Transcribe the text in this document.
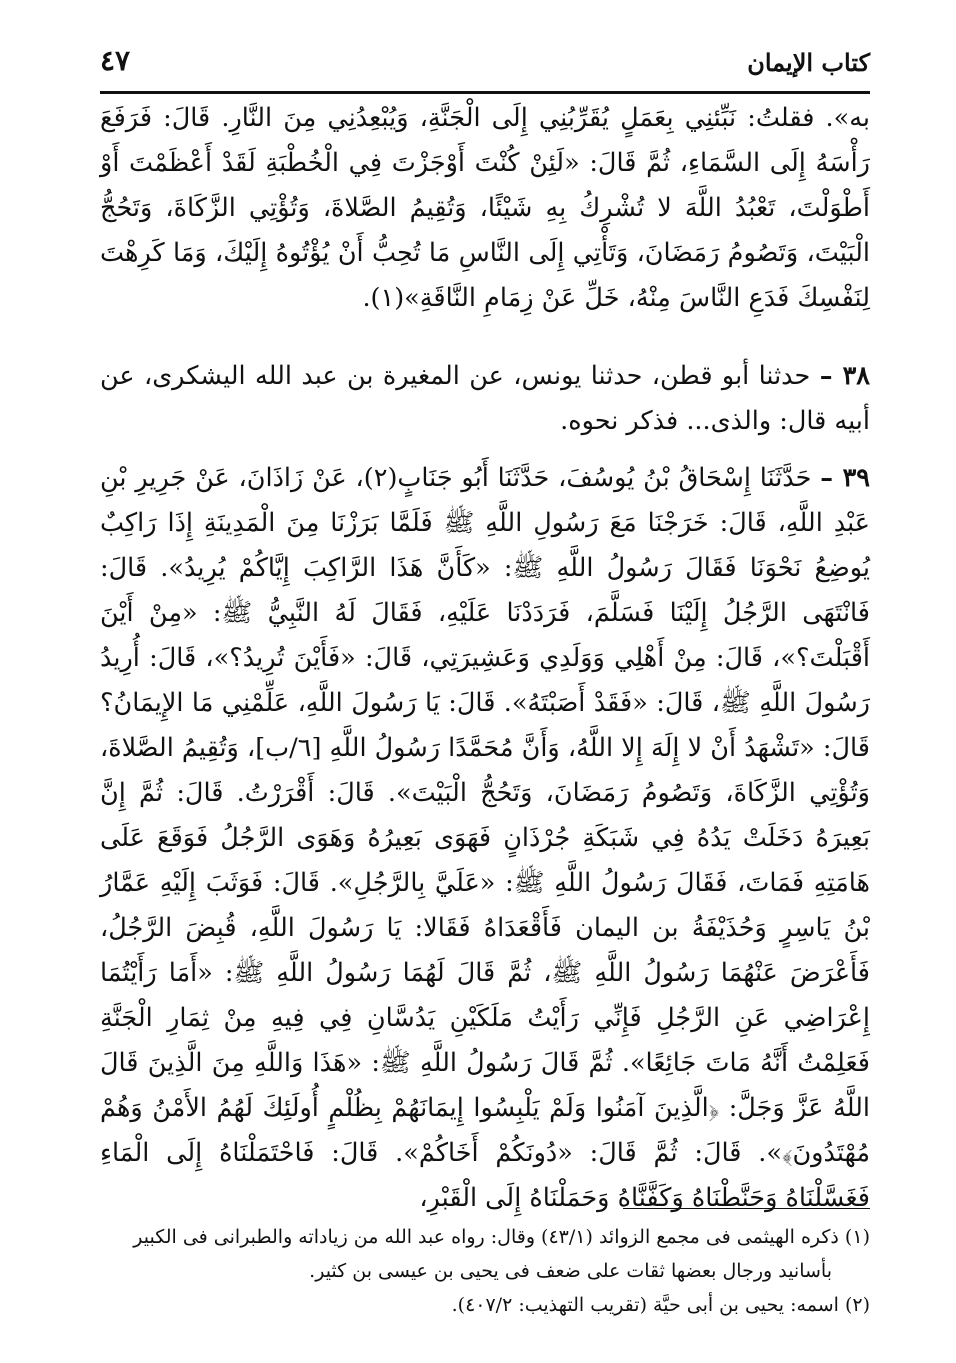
كتاب الإيمان
٤٧

به». فقلتُ: نَبِّئنِي بِعَمَلٍ يُقَرِّبُنِي إِلَى الْجَنَّةِ، وَيُبْعِدُنِي مِنَ النَّارِ. قَالَ: فَرَفَعَ رَأْسَهُ إِلَى السَّمَاءِ، ثُمَّ قَالَ: «لَئِنْ كُنْتَ أَوْجَزْتَ فِي الْخُطْبَةِ لَقَدْ أَعْظَمْتَ أَوْ أَطْوَلْتَ، تَعْبُدُ اللَّهَ لا تُشْرِكُ بِهِ شَيْئًا، وَتُقِيمُ الصَّلاةَ، وَتُؤْتِي الزَّكَاةَ، وَتَحُجُّ الْبَيْتَ، وَتَصُومُ رَمَضَانَ، وَتَأْتِي إِلَى النَّاسِ مَا تُحِبُّ أَنْ يُؤْتُوهُ إِلَيْكَ، وَمَا كَرِهْتَ لِنَفْسِكَ فَدَعِ النَّاسَ مِنْهُ، خَلِّ عَنْ زِمَامِ النَّاقَةِ»(١).

٣٨ – حدثنا أبو قطن، حدثنا يونس، عن المغيرة بن عبد الله اليشكرى، عن أبيه قال: والذى... فذكر نحوه.

٣٩ – حَدَّثَنَا إِسْحَاقُ بْنُ يُوسُفَ، حَدَّثَنَا أَبُو جَنَابٍ(٢)، عَنْ زَاذَانَ، عَنْ جَرِيرِ بْنِ عَبْدِ اللَّهِ، قَالَ: خَرَجْنَا مَعَ رَسُولِ اللَّهِ ﷺ فَلَمَّا بَرَزْنَا مِنَ الْمَدِينَةِ إِذَا رَاكِبٌ يُوضِعُ نَحْوَنَا فَقَالَ رَسُولُ اللَّهِ ﷺ: «كَأَنَّ هَذَا الرَّاكِبَ إِيَّاكُمْ يُرِيدُ». قَالَ: فَانْتَهَى الرَّجُلُ إِلَيْنَا فَسَلَّمَ، فَرَدَدْنَا عَلَيْهِ، فَقَالَ لَهُ النَّبِيُّ ﷺ: «مِنْ أَيْنَ أَقْبَلْتَ؟»، قَالَ: مِنْ أَهْلِي وَوَلَدِي وَعَشِيرَتِي، قَالَ: «فَأَيْنَ تُرِيدُ؟»، قَالَ: أُرِيدُ رَسُولَ اللَّهِ ﷺ، قَالَ: «فَقَدْ أَصَبْتَهُ». قَالَ: يَا رَسُولَ اللَّهِ، عَلِّمْنِي مَا الإِيمَانُ؟ قَالَ: «تَشْهَدُ أَنْ لا إِلَهَ إِلا اللَّهُ، وَأَنَّ مُحَمَّدًا رَسُولُ اللَّهِ [٦/ب]، وَتُقِيمُ الصَّلاةَ، وَتُؤْتِي الزَّكَاةَ، وَتَصُومُ رَمَضَانَ، وَتَحُجُّ الْبَيْتَ». قَالَ: أَقْرَرْتُ. قَالَ: ثُمَّ إِنَّ بَعِيرَهُ دَخَلَتْ يَدُهُ فِي شَبَكَةِ جُرْذَانٍ فَهَوَى بَعِيرُهُ وَهَوَى الرَّجُلُ فَوَقَعَ عَلَى هَامَتِهِ فَمَاتَ، فَقَالَ رَسُولُ اللَّهِ ﷺ: «عَلَيَّ بِالرَّجُلِ». قَالَ: فَوَثَبَ إِلَيْهِ عَمَّارُ بْنُ يَاسِرٍ وَحُذَيْفَةُ بن اليمان فَأَقْعَدَاهُ فَقَالا: يَا رَسُولَ اللَّهِ، قُبِضَ الرَّجُلُ، فَأَعْرَضَ عَنْهُمَا رَسُولُ اللَّهِ ﷺ، ثُمَّ قَالَ لَهُمَا رَسُولُ اللَّهِ ﷺ: «أَمَا رَأَيْتُمَا إِعْرَاضِي عَنِ الرَّجُلِ فَإِنِّي رَأَيْتُ مَلَكَيْنِ يَدُسَّانِ فِي فِيهِ مِنْ ثِمَارِ الْجَنَّةِ فَعَلِمْتُ أَنَّهُ مَاتَ جَائِعًا». ثُمَّ قَالَ رَسُولُ اللَّهِ ﷺ: «هَذَا وَاللَّهِ مِنَ الَّذِينَ قَالَ اللَّهُ عَزَّ وَجَلَّ: ﴿الَّذِينَ آمَنُوا وَلَمْ يَلْبِسُوا إِيمَانَهُمْ بِظُلْمٍ أُولَئِكَ لَهُمُ الأَمْنُ وَهُمْ مُهْتَدُونَ﴾». قَالَ: ثُمَّ قَالَ: «دُونَكُمْ أَخَاكُمْ». قَالَ: فَاحْتَمَلْنَاهُ إِلَى الْمَاءِ فَغَسَّلْنَاهُ وَحَنَّطْنَاهُ وَكَفَّنَّاهُ وَحَمَلْنَاهُ إِلَى الْقَبْرِ،

(١) ذكره الهيثمى فى مجمع الزوائد (٤٣/١) وقال: رواه عبد الله من زياداته والطبرانى فى الكبير

بأسانيد ورجال بعضها ثقات على ضعف فى يحيى بن عيسى بن كثير.

(٢) اسمه: يحيى بن أبى حيَّة (تقريب التهذيب: ٤٠٧/٢).
